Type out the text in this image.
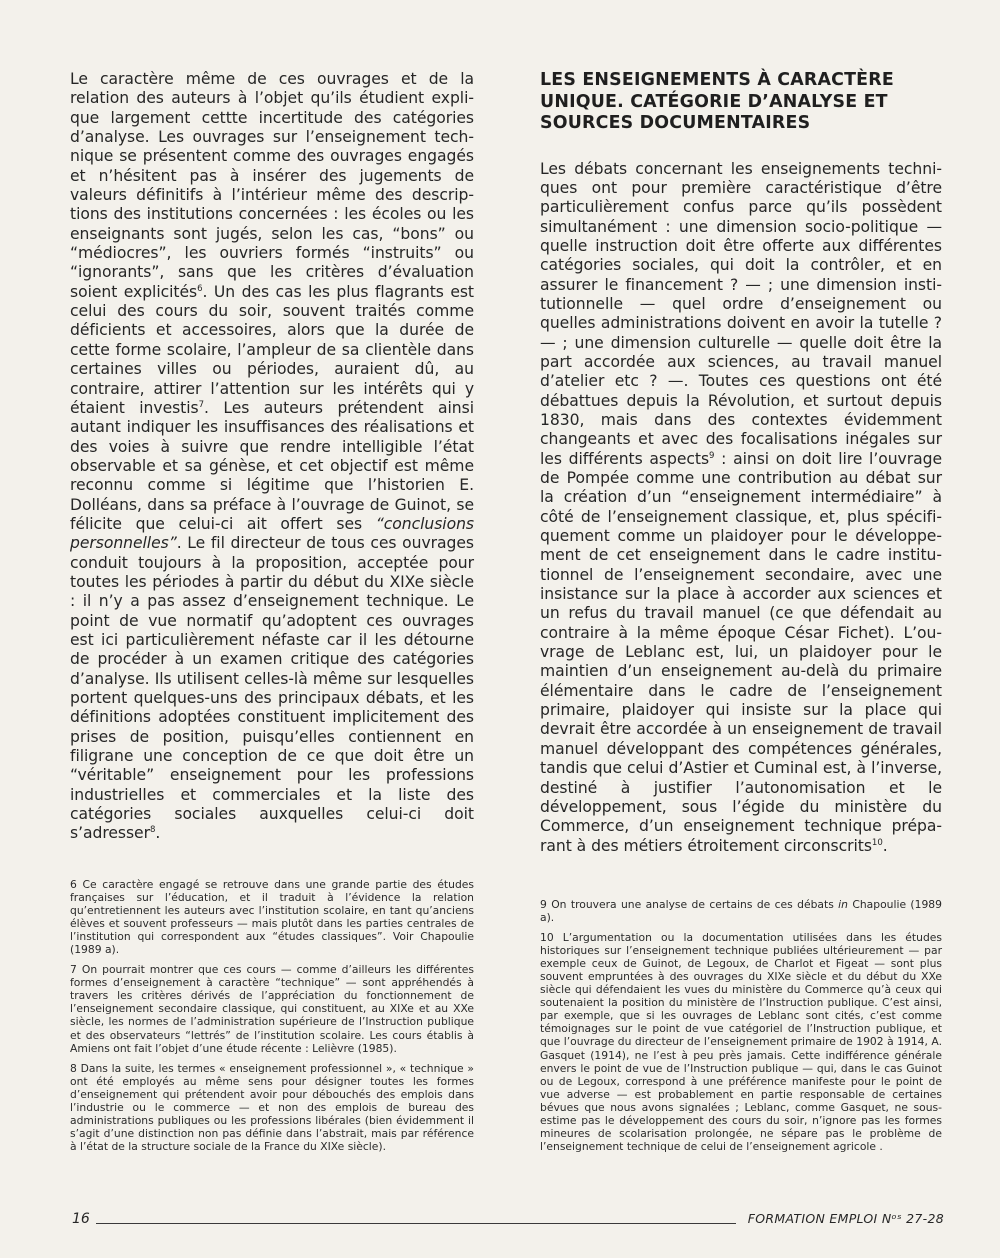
Le caractère même de ces ouvrages et de la relation des auteurs à l’objet qu’ils étudient explique largement cettte incertitude des catégories d’analyse. Les ouvrages sur l’enseignement technique se présentent comme des ouvrages engagés et n’hésitent pas à insérer des jugements de valeurs définitifs à l’intérieur même des descriptions des institutions concernées : les écoles ou les enseignants sont jugés, selon les cas, “bons” ou “médiocres”, les ouvriers formés “instruits” ou “ignorants”, sans que les critères d’évaluation soient explicités$^6$. Un des cas les plus flagrants est celui des cours du soir, souvent traités comme déficients et accessoires, alors que la durée de cette forme scolaire, l’ampleur de sa clientèle dans certaines villes ou périodes, auraient dû, au contraire, attirer l’attention sur les intérêts qui y étaient investis$^7$. Les auteurs prétendent ainsi autant indiquer les insuffisances des réalisations et des voies à suivre que rendre intelligible l’état observable et sa génèse, et cet objectif est même reconnu comme si légitime que l’historien E. Dolléans, dans sa préface à l’ouvrage de Guinot, se félicite que celui-ci ait offert ses “conclusions personnelles”. Le fil directeur de tous ces ouvrages conduit toujours à la proposition, acceptée pour toutes les périodes à partir du début du XIXe siècle : il n’y a pas assez d’enseignement technique. Le point de vue normatif qu’adoptent ces ouvrages est ici particulièrement néfaste car il les détourne de procéder à un examen critique des catégories d’analyse. Ils utilisent celles-là même sur lesquelles portent quelques-uns des principaux débats, et les définitions adoptées constituent implicitement des prises de position, puisqu’elles contiennent en filigrane une conception de ce que doit être un “véritable” enseignement pour les professions industrielles et commerciales et la liste des catégories sociales auxquelles celui-ci doit s’adresser$^8$.

LES ENSEIGNEMENTS À CARACTÈRE UNIQUE. CATÉGORIE D’ANALYSE ET SOURCES DOCUMENTAIRES

Les débats concernant les enseignements techniques ont pour première caractéristique d’être particulièrement confus parce qu’ils possèdent simultanément : une dimension socio-politique — quelle instruction doit être offerte aux différentes catégories sociales, qui doit la contrôler, et en assurer le financement ? — ; une dimension institutionnelle — quel ordre d’enseignement ou quelles administrations doivent en avoir la tutelle ? — ; une dimension culturelle — quelle doit être la part accordée aux sciences, au travail manuel d’atelier etc ? —. Toutes ces questions ont été débattues depuis la Révolution, et surtout depuis 1830, mais dans des contextes évidemment changeants et avec des focalisations inégales sur les différents aspects$^9$ : ainsi on doit lire l’ouvrage de Pompée comme une contribution au débat sur la création d’un “enseignement intermédiaire” à côté de l’enseignement classique, et, plus spécifiquement comme un plaidoyer pour le développement de cet enseignement dans le cadre institutionnel de l’enseignement secondaire, avec une insistance sur la place à accorder aux sciences et un refus du travail manuel (ce que défendait au contraire à la même époque César Fichet). L’ouvrage de Leblanc est, lui, un plaidoyer pour le maintien d’un enseignement au-delà du primaire élémentaire dans le cadre de l’enseignement primaire, plaidoyer qui insiste sur la place qui devrait être accordée à un enseignement de travail manuel développant des compétences générales, tandis que celui d’Astier et Cuminal est, à l’inverse, destiné à justifier l’autonomisation et le développement, sous l’égide du ministère du Commerce, d’un enseignement technique préparant à des métiers étroitement circonscrits$^{10}$.

6 Ce caractère engagé se retrouve dans une grande partie des études françaises sur l’éducation, et il traduit à l’évidence la relation qu’entretiennent les auteurs avec l’institution scolaire, en tant qu’anciens élèves et souvent professeurs — mais plutôt dans les parties centrales de l’institution qui correspondent aux “études classiques”. Voir Chapoulie (1989 a).

7 On pourrait montrer que ces cours — comme d’ailleurs les différentes formes d’enseignement à caractère “technique” — sont appréhendés à travers les critères dérivés de l’appréciation du fonctionnement de l’enseignement secondaire classique, qui constituent, au XIXe et au XXe siècle, les normes de l’administration supérieure de l’Instruction publique et des observateurs “lettrés” de l’institution scolaire. Les cours établis à Amiens ont fait l’objet d’une étude récente : Lelièvre (1985).

8 Dans la suite, les termes « enseignement professionnel », « technique » ont été employés au même sens pour désigner toutes les formes d’enseignement qui prétendent avoir pour débouchés des emplois dans l’industrie ou le commerce — et non des emplois de bureau des administrations publiques ou les professions libérales (bien évidemment il s’agit d’une distinction non pas définie dans l’abstrait, mais par référence à l’état de la structure sociale de la France du XIXe siècle).

9 On trouvera une analyse de certains de ces débats in Chapoulie (1989 a).

10 L’argumentation ou la documentation utilisées dans les études historiques sur l’enseignement technique publiées ultérieurement — par exemple ceux de Guinot, de Legoux, de Charlot et Figeat — sont plus souvent empruntées à des ouvrages du XIXe siècle et du début du XXe siècle qui défendaient les vues du ministère du Commerce qu’à ceux qui soutenaient la position du ministère de l’Instruction publique. C’est ainsi, par exemple, que si les ouvrages de Leblanc sont cités, c’est comme témoignages sur le point de vue catégoriel de l’Instruction publique, et que l’ouvrage du directeur de l’enseignement primaire de 1902 à 1914, A. Gasquet (1914), ne l’est à peu près jamais. Cette indifférence générale envers le point de vue de l’Instruction publique — qui, dans le cas Guinot ou de Legoux, correspond à une préférence manifeste pour le point de vue adverse — est probablement en partie responsable de certaines bévues que nous avons signalées ; Leblanc, comme Gasquet, ne sous-estime pas le développement des cours du soir, n’ignore pas les formes mineures de scolarisation prolongée, ne sépare pas le problème de l’enseignement technique de celui de l’enseignement agricole .

16	FORMATION EMPLOI Nᵒˢ 27-28
